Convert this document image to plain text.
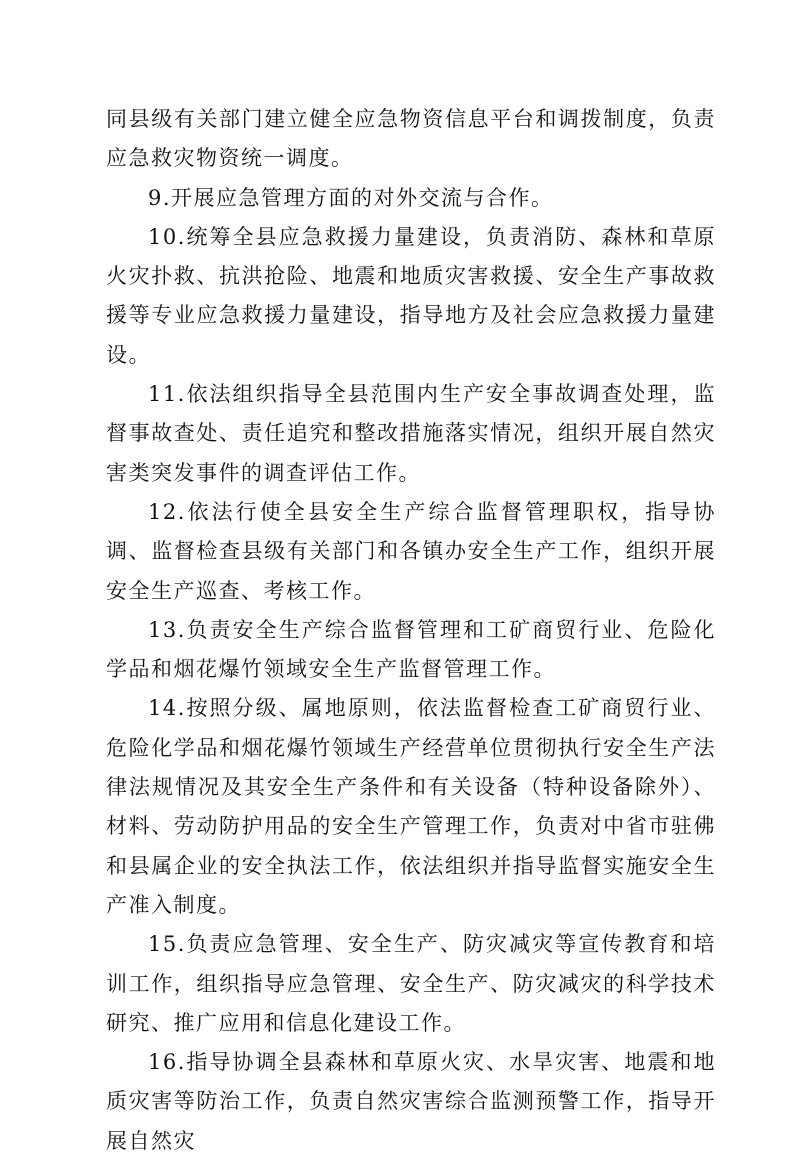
同县级有关部门建立健全应急物资信息平台和调拨制度，负责应急救灾物资统一调度。

9.开展应急管理方面的对外交流与合作。

10.统筹全县应急救援力量建设，负责消防、森林和草原火灾扑救、抗洪抢险、地震和地质灾害救援、安全生产事故救援等专业应急救援力量建设，指导地方及社会应急救援力量建设。

11.依法组织指导全县范围内生产安全事故调查处理，监督事故查处、责任追究和整改措施落实情况，组织开展自然灾害类突发事件的调查评估工作。

12.依法行使全县安全生产综合监督管理职权，指导协调、监督检查县级有关部门和各镇办安全生产工作，组织开展安全生产巡查、考核工作。

13.负责安全生产综合监督管理和工矿商贸行业、危险化学品和烟花爆竹领域安全生产监督管理工作。

14.按照分级、属地原则，依法监督检查工矿商贸行业、危险化学品和烟花爆竹领域生产经营单位贯彻执行安全生产法律法规情况及其安全生产条件和有关设备（特种设备除外）、材料、劳动防护用品的安全生产管理工作，负责对中省市驻佛和县属企业的安全执法工作，依法组织并指导监督实施安全生产准入制度。

15.负责应急管理、安全生产、防灾减灾等宣传教育和培训工作，组织指导应急管理、安全生产、防灾减灾的科学技术研究、推广应用和信息化建设工作。

16.指导协调全县森林和草原火灾、水旱灾害、地震和地质灾害等防治工作，负责自然灾害综合监测预警工作，指导开展自然灾
